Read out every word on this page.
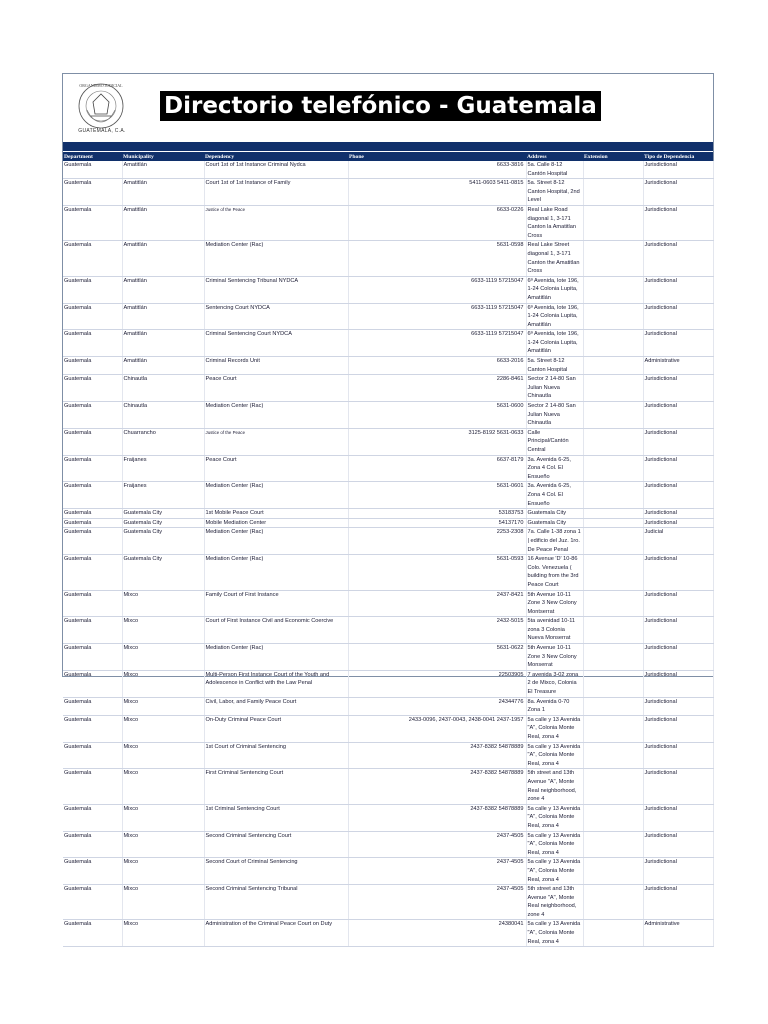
ORGANISMO JUDICIAL
GUATEMALA, C.A.
Directorio telefónico - Guatemala
Department	Municipality	Dependency	Phone	Address	Extension	Tipo de Dependencia
Guatemala	Amatitlán	Court 1st of 1st Instance Criminal Nydca	6633-3816	5a. Calle 8-12 Cantón Hospital		Jurisdictional
Guatemala	Amatitlán	Court 1st of 1st Instance of Family	5411-0603 5411-0815	5a. Street 8-12 Canton Hospital, 2nd Level		Jurisdictional
Guatemala	Amatitlán	Justice of the Peace	6633-0226	Real Lake Road diagonal 1, 3-171 Canton la Amatitlan Cross		Jurisdictional
Guatemala	Amatitlán	Mediation Center (Rac)	5631-0598	Real Lake Street diagonal 1, 3-171 Canton the Amatitlan Cross		Jurisdictional
Guatemala	Amatitlán	Criminal Sentencing Tribunal NYDCA	6633-1119 57215047	6ª Avenida, lote 196, 1-24 Colonia Lupita, Amatitlán		Jurisdictional
Guatemala	Amatitlán	Sentencing Court NYDCA	6633-1119 57215047	6ª Avenida, lote 196, 1-24 Colonia Lupita, Amatitlán		Jurisdictional
Guatemala	Amatitlán	Criminal Sentencing Court NYDCA	6633-1119 57215047	6ª Avenida, lote 196, 1-24 Colonia Lupita, Amatitlán		Jurisdictional
Guatemala	Amatitlán	Criminal Records Unit	6633-2016	5a. Street 8-12 Canton Hospital		Administrative
Guatemala	Chinautla	Peace Court	2286-8461	Sector 2 14-80 San Julian Nueva Chinautla		Jurisdictional
Guatemala	Chinautla	Mediation Center (Rac)	5631-0600	Sector 2 14-80 San Julian Nueva Chinautla		Jurisdictional
Guatemala	Chuarrancho	Justice of the Peace	3125-8192 5631-0633	Calle Principal/Cantón Central		Jurisdictional
Guatemala	Fraijanes	Peace Court	6637-8179	3a. Avenida 6-25, Zona 4 Col. El Ensueño		Jurisdictional
Guatemala	Fraijanes	Mediation Center (Rac)	5631-0601	3a. Avenida 6-25, Zona 4 Col. El Ensueño		Jurisdictional
Guatemala	Guatemala City	1st Mobile Peace Court	53183753	Guatemala City		Jurisdictional
Guatemala	Guatemala City	Mobile Mediation Center	54137170	Guatemala City		Jurisdictional
Guatemala	Guatemala City	Mediation Center (Rac)	2253-2308	7a. Calle 1-38 zona 1 | edificio del Juz. 1ro. De Peace Penal		Judicial
Guatemala	Guatemala City	Mediation Center (Rac)	5631-0593	16 Avenue 'D' 10-86 Colo. Venezuela ( building from the 3rd Peace Court		Jurisdictional
Guatemala	Mixco	Family Court of First Instance	2437-8421	5th Avenue 10-11 Zone 3 New Colony Montserrat		Jurisdictional
Guatemala	Mixco	Court of First Instance Civil and Economic Coercive	2432-5015	5ta avenidad 10-11 zona 3 Colonia Nueva Monserrat		Jurisdictional
Guatemala	Mixco	Mediation Center (Rac)	5631-0622	5th Avenue 10-11 Zone 3 New Colony Monserrat		Jurisdictional
Guatemala	Mixco	Multi-Person First Instance Court of the Youth and Adolescence in Conflict with the Law Penal	22503905	7 avenida 3-02 zona 2 de Mixco, Colonia El Treasure		Jurisdictional
Guatemala	Mixco	Civil, Labor, and Family Peace Court	24344776	8a. Avenida 0-70 Zona 1		Jurisdictional
Guatemala	Mixco	On-Duty Criminal Peace Court	2433-0096, 2437-0043, 2438-0041 2437-1957	5a calle y 13 Avenida "A", Colonia Monte Real, zona 4		Jurisdictional
Guatemala	Mixco	1st Court of Criminal Sentencing	2437-8382 54878889	5a calle y 13 Avenida "A", Colonia Monte Real, zona 4		Jurisdictional
Guatemala	Mixco	First Criminal Sentencing Court	2437-8382 54878889	5th street and 13th Avenue "A", Monte Real neighborhood, zone 4		Jurisdictional
Guatemala	Mixco	1st Criminal Sentencing Court	2437-8382 54878889	5a calle y 13 Avenida "A", Colonia Monte Real, zona 4		Jurisdictional
Guatemala	Mixco	Second Criminal Sentencing Court	2437-4505	5a calle y 13 Avenida "A", Colonia Monte Real, zona 4		Jurisdictional
Guatemala	Mixco	Second Court of Criminal Sentencing	2437-4505	5a calle y 13 Avenida "A", Colonia Monte Real, zona 4		Jurisdictional
Guatemala	Mixco	Second Criminal Sentencing Tribunal	2437-4505	5th street and 13th Avenue "A", Monte Real neighborhood, zone 4		Jurisdictional
Guatemala	Mixco	Administration of the Criminal Peace Court on Duty	24380041	5a calle y 13 Avenida "A", Colonia Monte Real, zona 4		Administrative
